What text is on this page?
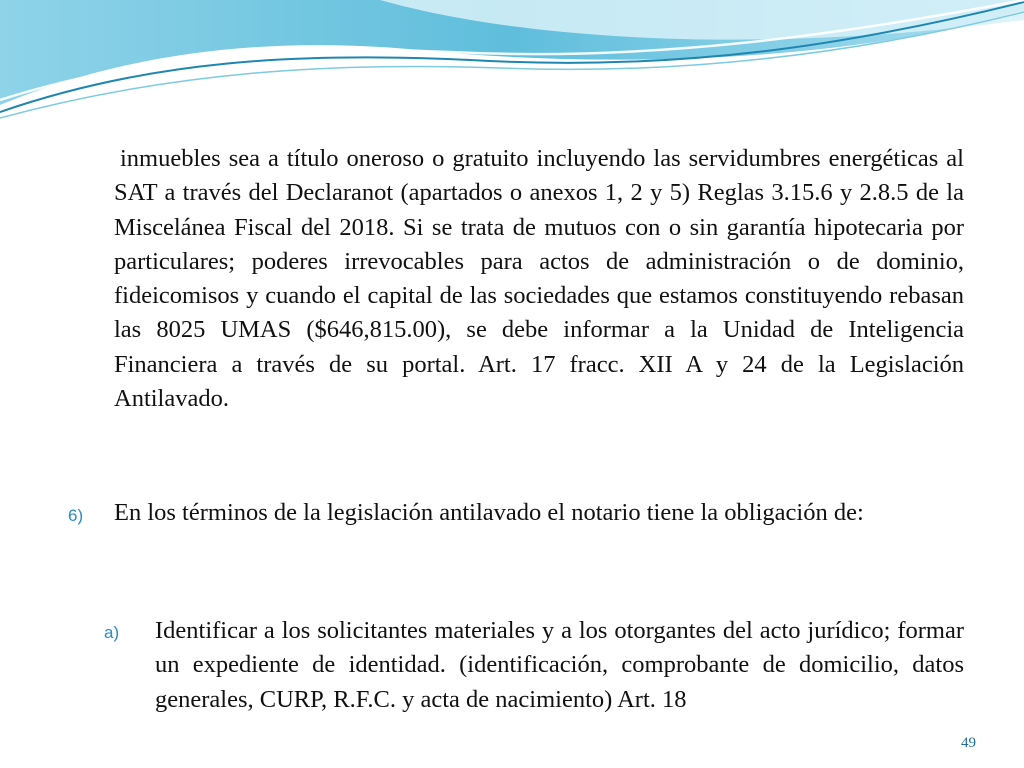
inmuebles sea a título oneroso o gratuito incluyendo las servidumbres energéticas al SAT a través del Declaranot (apartados o anexos 1, 2 y 5) Reglas 3.15.6 y 2.8.5 de la Miscelánea Fiscal del 2018. Si se trata de mutuos con o sin garantía hipotecaria por particulares; poderes irrevocables para actos de administración o de dominio, fideicomisos y cuando el capital de las sociedades que estamos constituyendo rebasan las 8025 UMAS ($646,815.00), se debe informar a la Unidad de Inteligencia Financiera a través de su portal. Art. 17 fracc. XII A y 24 de la Legislación Antilavado.

6) En los términos de la legislación antilavado el notario tiene la obligación de:

a) Identificar a los solicitantes materiales y a los otorgantes del acto jurídico; formar un expediente de identidad. (identificación, comprobante de domicilio, datos generales, CURP, R.F.C. y acta de nacimiento) Art. 18

49
